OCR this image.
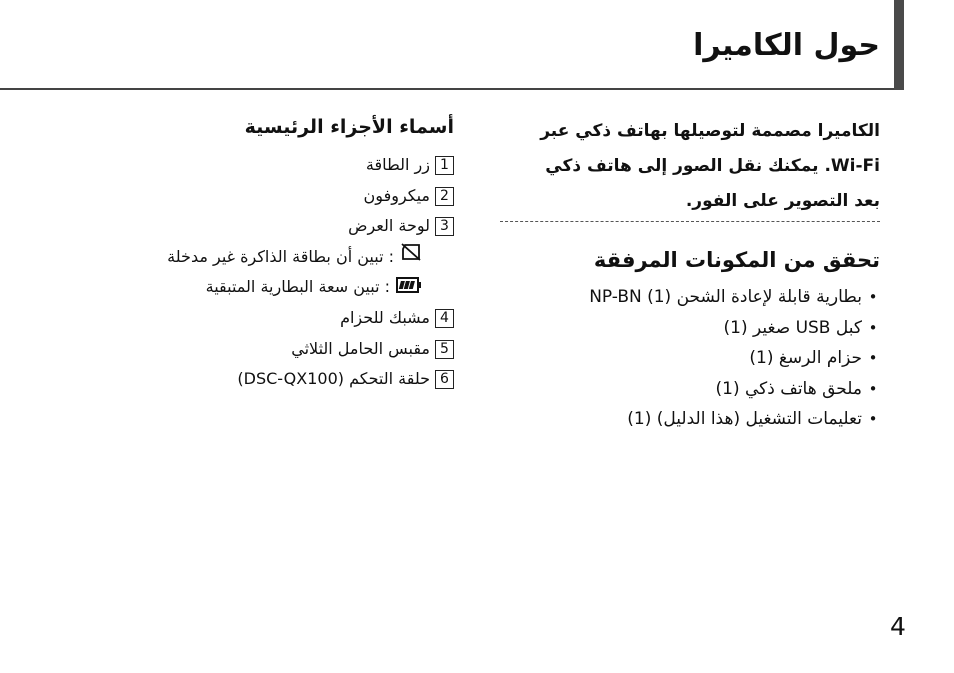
حول الكاميرا

الكاميرا مصممة لتوصيلها بهاتف ذكي عبر Wi-Fi. يمكنك نقل الصور إلى هاتف ذكي بعد التصوير على الفور.

تحقق من المكونات المرفقة
•بطارية قابلة لإعادة الشحن NP-BN (1)
•كبل USB صغير (1)
•حزام الرسغ (1)
•ملحق هاتف ذكي (1)
•تعليمات التشغيل (هذا الدليل) (1)
أسماء الأجزاء الرئيسية
1زر الطاقة
2ميكروفون
3لوحة العرض
: تبين أن بطاقة الذاكرة غير مدخلة
: تبين سعة البطارية المتبقية
4مشبك للحزام
5مقبس الحامل الثلاثي
6حلقة التحكم (DSC-QX100)

4
